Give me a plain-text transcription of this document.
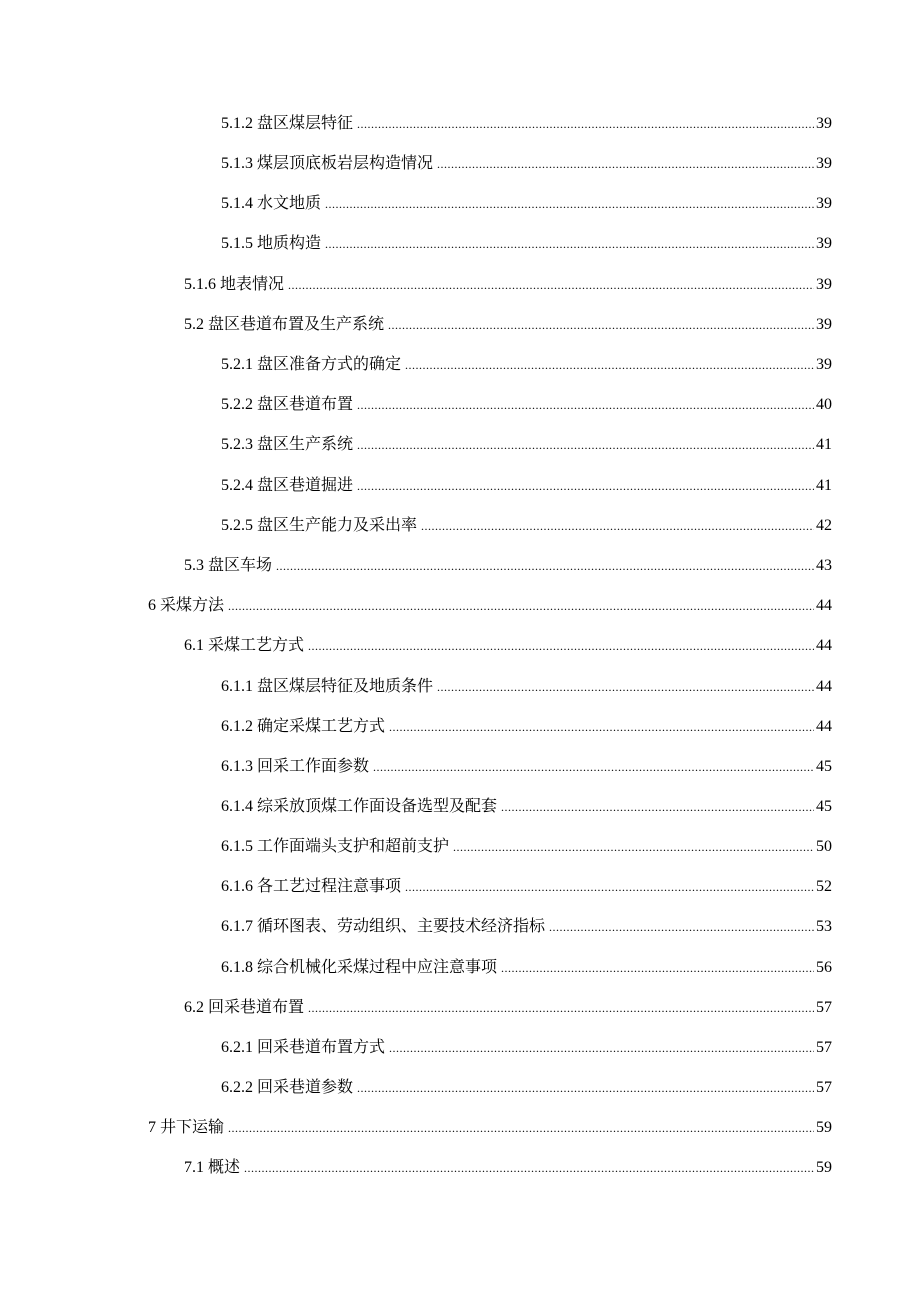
5.1.2 盘区煤层特征 .....	39
5.1.3 煤层顶底板岩层构造情况 .....	39
5.1.4 水文地质 .....	39
5.1.5 地质构造 .....	39
5.1.6 地表情况 .....	39
5.2 盘区巷道布置及生产系统 .....	39
5.2.1 盘区准备方式的确定 .....	39
5.2.2 盘区巷道布置 .....	40
5.2.3 盘区生产系统 .....	41
5.2.4 盘区巷道掘进 .....	41
5.2.5 盘区生产能力及采出率 .....	42
5.3 盘区车场 .....	43
6 采煤方法 .....	44
6.1 采煤工艺方式 .....	44
6.1.1 盘区煤层特征及地质条件 .....	44
6.1.2 确定采煤工艺方式 .....	44
6.1.3 回采工作面参数 .....	45
6.1.4 综采放顶煤工作面设备选型及配套 .....	45
6.1.5 工作面端头支护和超前支护 .....	50
6.1.6 各工艺过程注意事项 .....	52
6.1.7 循环图表、劳动组织、主要技术经济指标 .....	53
6.1.8 综合机械化采煤过程中应注意事项 .....	56
6.2 回采巷道布置 .....	57
6.2.1 回采巷道布置方式 .....	57
6.2.2 回采巷道参数 .....	57
7 井下运输 .....	59
7.1 概述 .....	59
